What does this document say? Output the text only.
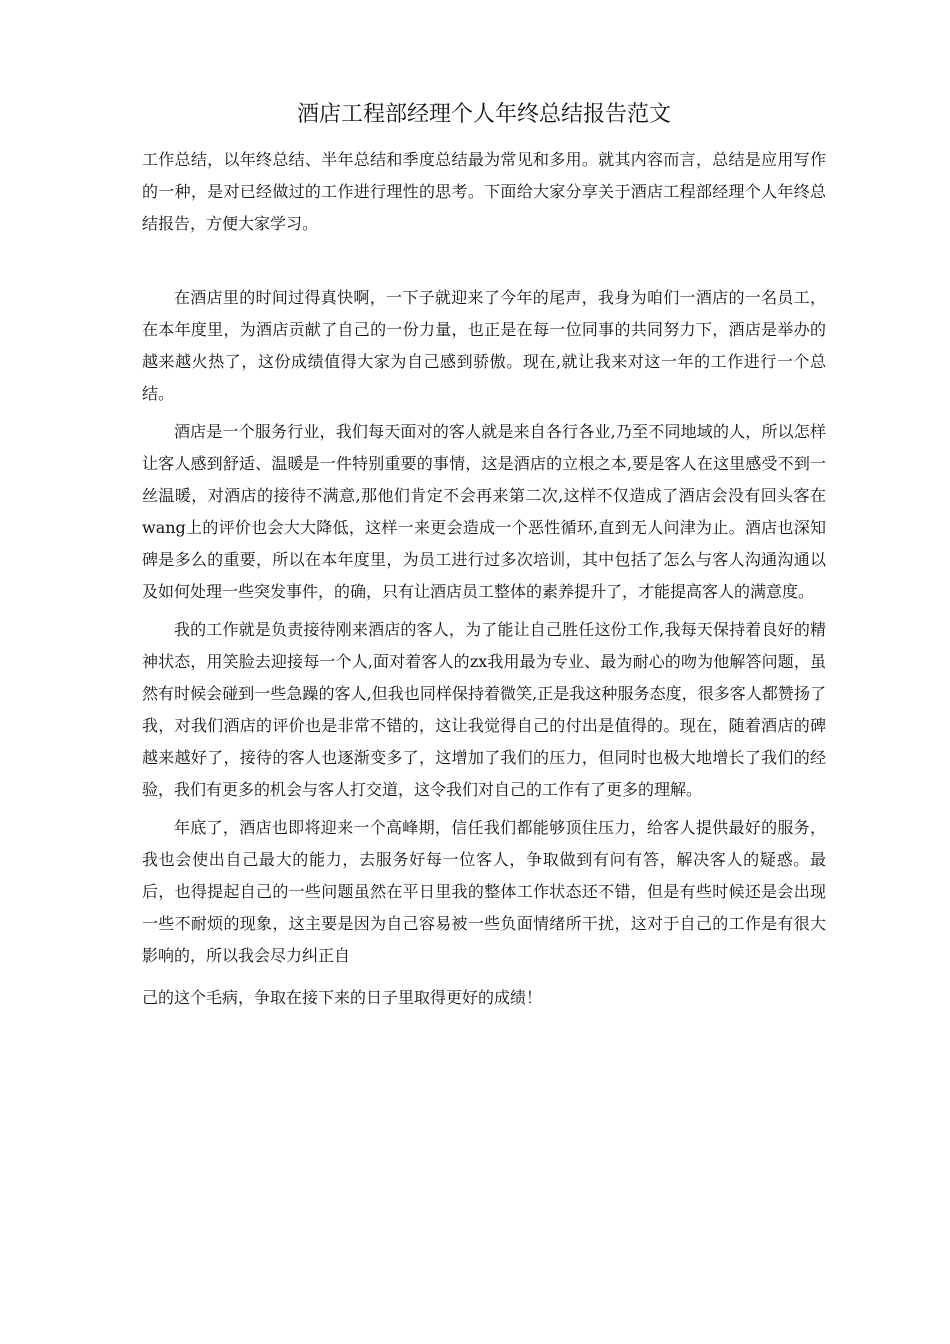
酒店工程部经理个人年终总结报告范文

工作总结，以年终总结、半年总结和季度总结最为常见和多用。就其内容而言，总结是应用写作的一种，是对已经做过的工作进行理性的思考。下面给大家分享关于酒店工程部经理个人年终总结报告，方便大家学习。

在酒店里的时间过得真快啊，一下子就迎来了今年的尾声，我身为咱们一酒店的一名员工，在本年度里，为酒店贡献了自己的一份力量，也正是在每一位同事的共同努力下，酒店是举办的越来越火热了，这份成绩值得大家为自己感到骄傲。现在,就让我来对这一年的工作进行一个总结。

酒店是一个服务行业，我们每天面对的客人就是来自各行各业,乃至不同地域的人，所以怎样让客人感到舒适、温暖是一件特别重要的事情，这是酒店的立根之本,要是客人在这里感受不到一丝温暖，对酒店的接待不满意,那他们肯定不会再来第二次,这样不仅造成了酒店会没有回头客在wang上的评价也会大大降低，这样一来更会造成一个恶性循环,直到无人问津为止。酒店也深知碑是多么的重要，所以在本年度里，为员工进行过多次培训，其中包括了怎么与客人沟通沟通以及如何处理一些突发事件，的确，只有让酒店员工整体的素养提升了，才能提高客人的满意度。

我的工作就是负责接待刚来酒店的客人，为了能让自己胜任这份工作,我每天保持着良好的精神状态，用笑脸去迎接每一个人,面对着客人的zx我用最为专业、最为耐心的吻为他解答问题，虽然有时候会碰到一些急躁的客人,但我也同样保持着微笑,正是我这种服务态度，很多客人都赞扬了我，对我们酒店的评价也是非常不错的，这让我觉得自己的付出是值得的。现在，随着酒店的碑越来越好了，接待的客人也逐渐变多了，这增加了我们的压力，但同时也极大地增长了我们的经验，我们有更多的机会与客人打交道，这令我们对自己的工作有了更多的理解。

年底了，酒店也即将迎来一个高峰期，信任我们都能够顶住压力，给客人提供最好的服务，我也会使出自己最大的能力，去服务好每一位客人，争取做到有问有答，解决客人的疑惑。最后，也得提起自己的一些问题虽然在平日里我的整体工作状态还不错，但是有些时候还是会出现一些不耐烦的现象，这主要是因为自己容易被一些负面情绪所干扰，这对于自己的工作是有很大影响的，所以我会尽力纠正自

己的这个毛病，争取在接下来的日子里取得更好的成绩！
